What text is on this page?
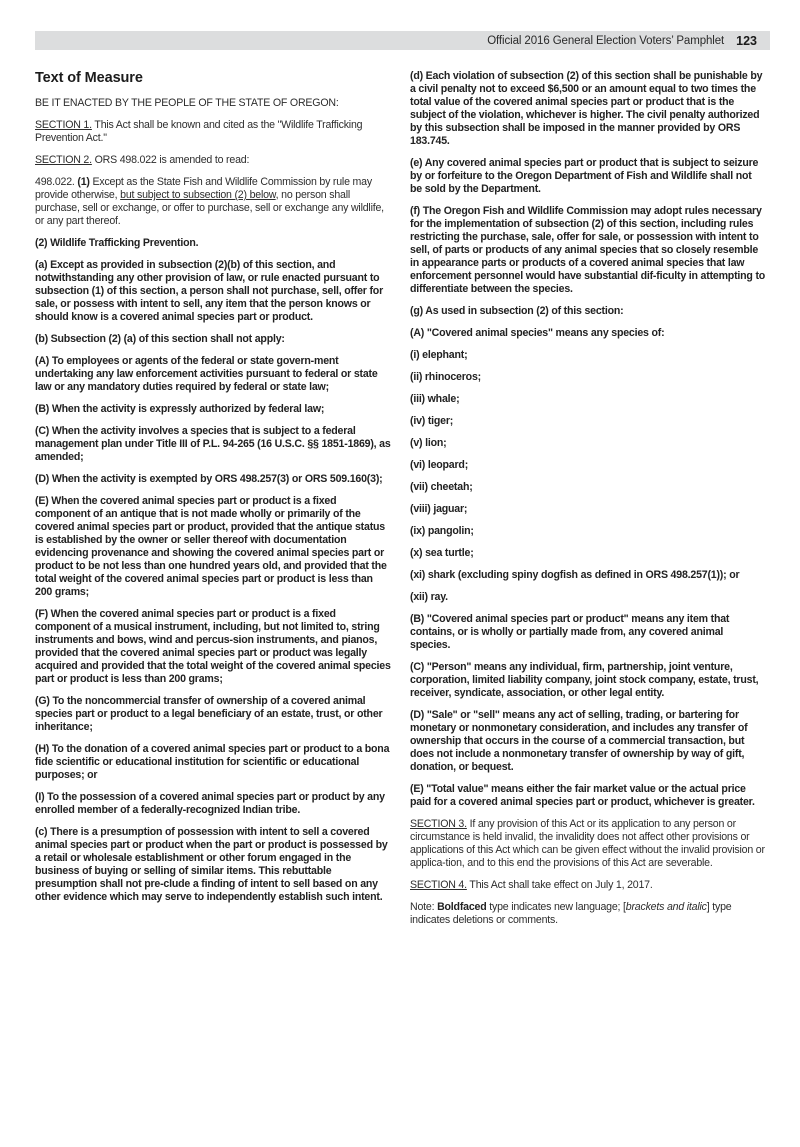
Official 2016 General Election Voters’ Pamphlet 123
Text of Measure

BE IT ENACTED BY THE PEOPLE OF THE STATE OF OREGON:

SECTION 1. This Act shall be known and cited as the "Wildlife Trafficking Prevention Act."

SECTION 2. ORS 498.022 is amended to read:

498.022. (1) Except as the State Fish and Wildlife Commission by rule may provide otherwise, but subject to subsection (2) below, no person shall purchase, sell or exchange, or offer to purchase, sell or exchange any wildlife, or any part thereof.

(2) Wildlife Trafficking Prevention.

(a) Except as provided in subsection (2)(b) of this section, and notwithstanding any other provision of law, or rule enacted pursuant to subsection (1) of this section, a person shall not purchase, sell, offer for sale, or possess with intent to sell, any item that the person knows or should know is a covered animal species part or product.

(b) Subsection (2) (a) of this section shall not apply:

(A) To employees or agents of the federal or state govern-ment undertaking any law enforcement activities pursuant to federal or state law or any mandatory duties required by federal or state law;

(B) When the activity is expressly authorized by federal law;

(C) When the activity involves a species that is subject to a federal management plan under Title III of P.L. 94-265 (16 U.S.C. §§ 1851-1869), as amended;

(D) When the activity is exempted by ORS 498.257(3) or ORS 509.160(3);

(E) When the covered animal species part or product is a fixed component of an antique that is not made wholly or primarily of the covered animal species part or product, provided that the antique status is established by the owner or seller thereof with documentation evidencing provenance and showing the covered animal species part or product to be not less than one hundred years old, and provided that the total weight of the covered animal species part or product is less than 200 grams;

(F) When the covered animal species part or product is a fixed component of a musical instrument, including, but not limited to, string instruments and bows, wind and percus-sion instruments, and pianos, provided that the covered animal species part or product was legally acquired and provided that the total weight of the covered animal species part or product is less than 200 grams;

(G) To the noncommercial transfer of ownership of a covered animal species part or product to a legal beneficiary of an estate, trust, or other inheritance;

(H) To the donation of a covered animal species part or product to a bona fide scientific or educational institution for scientific or educational purposes; or

(I) To the possession of a covered animal species part or product by any enrolled member of a federally-recognized Indian tribe.

(c) There is a presumption of possession with intent to sell a covered animal species part or product when the part or product is possessed by a retail or wholesale establishment or other forum engaged in the business of buying or selling of similar items. This rebuttable presumption shall not pre-clude a finding of intent to sell based on any other evidence which may serve to independently establish such intent.

(d) Each violation of subsection (2) of this section shall be punishable by a civil penalty not to exceed $6,500 or an amount equal to two times the total value of the covered animal species part or product that is the subject of the violation, whichever is higher. The civil penalty authorized by this subsection shall be imposed in the manner provided by ORS 183.745.

(e) Any covered animal species part or product that is subject to seizure by or forfeiture to the Oregon Department of Fish and Wildlife shall not be sold by the Department.

(f) The Oregon Fish and Wildlife Commission may adopt rules necessary for the implementation of subsection (2) of this section, including rules restricting the purchase, sale, offer for sale, or possession with intent to sell, of parts or products of any animal species that so closely resemble in appearance parts or products of a covered animal species that law enforcement personnel would have substantial dif-ficulty in attempting to differentiate between the species.

(g) As used in subsection (2) of this section:

(A) "Covered animal species" means any species of:

(i) elephant;

(ii) rhinoceros;

(iii) whale;

(iv) tiger;

(v) lion;

(vi) leopard;

(vii) cheetah;

(viii) jaguar;

(ix) pangolin;

(x) sea turtle;

(xi) shark (excluding spiny dogfish as defined in ORS 498.257(1)); or

(xii) ray.

(B) "Covered animal species part or product" means any item that contains, or is wholly or partially made from, any covered animal species.

(C) "Person" means any individual, firm, partnership, joint venture, corporation, limited liability company, joint stock company, estate, trust, receiver, syndicate, association, or other legal entity.

(D) "Sale" or "sell" means any act of selling, trading, or bartering for monetary or nonmonetary consideration, and includes any transfer of ownership that occurs in the course of a commercial transaction, but does not include a nonmonetary transfer of ownership by way of gift, donation, or bequest.

(E) "Total value" means either the fair market value or the actual price paid for a covered animal species part or product, whichever is greater.

SECTION 3. If any provision of this Act or its application to any person or circumstance is held invalid, the invalidity does not affect other provisions or applications of this Act which can be given effect without the invalid provision or applica-tion, and to this end the provisions of this Act are severable.

SECTION 4. This Act shall take effect on July 1, 2017.

Note: Boldfaced type indicates new language; [brackets and italic] type indicates deletions or comments.
